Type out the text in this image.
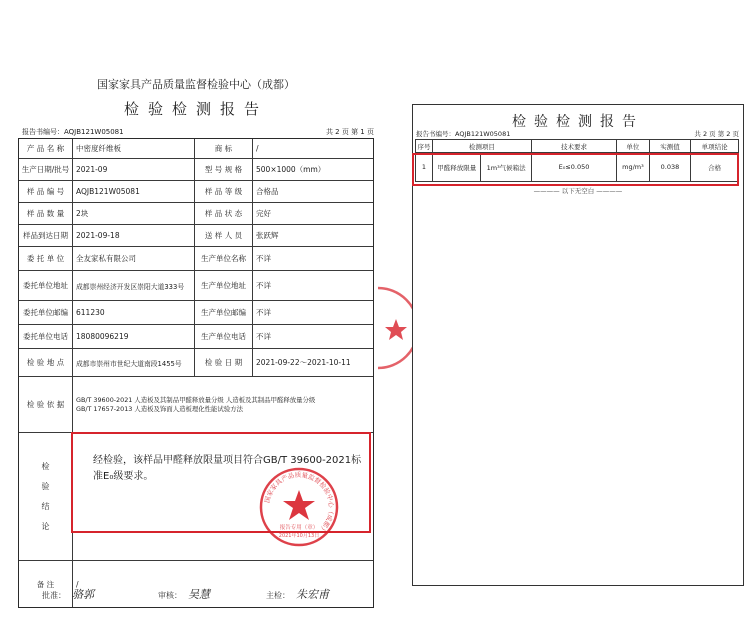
国家家具产品质量监督检验中心（成都）
检验检测报告
报告书编号：AQJB121W05081	共 2 页 第 1 页
产 品 名 称	中密度纤维板	商 标	/
生产日期/批号 2021-09	型 号 规 格	500×1000（mm）
样 品 编 号	AQJB121W05081	样 品 等 级	合格品
样 品 数 量	2块	样 品 状 态	完好
样品到达日期	2021-09-18	送 样 人 员	张跃辉
委 托 单 位	全友家私有限公司	生产单位名称	不详
委托单位地址	成都崇州经济开发区崇阳大道333号	生产单位地址	不详
委托单位邮编	611230	生产单位邮编	不详
委托单位电话	18080096219	生产单位电话	不详
检 验 地 点	成都市崇州市世纪大道南段1455号	检 验 日 期	2021-09-22～2021-10-11
检 验 依 据
GB/T 39600-2021 人造板及其制品甲醛释放量分级 人造板及其制品甲醛释放量分级
GB/T 17657-2013 人造板及饰面人造板理化性能试验方法
检
验
结
论
经检验，该样品甲醛释放限量项目符合GB/T 39600-2021标准E₀级要求。
备 注	/
国家家具产品质量监督检验中心（成都）
报告专用（章）
2021年10月13日
批准： 骆郭	审核： 吴慧	主检： 朱宏甫
检验检测报告
报告书编号：AQJB121W05081	共 2 页 第 2 页
序号	检测项目		技术要求	单位	实测值	单项结论
1	甲醛释放限量	1m³气候箱法	E₀≤0.050	mg/m³	0.038	合格
———— 以下无空白 ————
